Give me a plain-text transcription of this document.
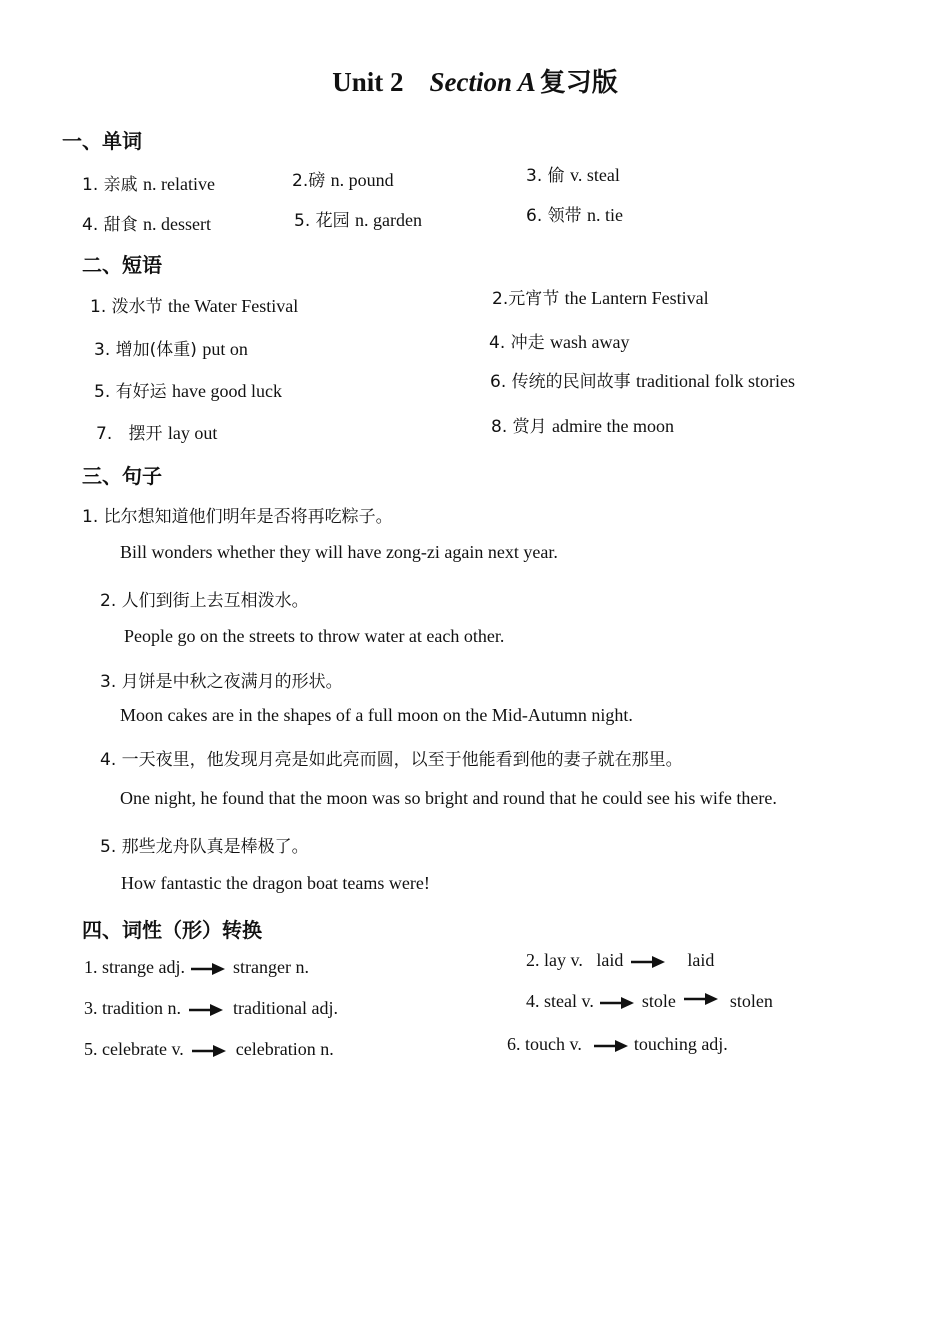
Unit 2 Section A 复习版
一、单词
1. 亲戚 n. relative	2.磅 n. pound	3. 偷 v. steal
4. 甜食 n. dessert	5. 花园 n. garden	6. 领带 n. tie
二、短语
1. 泼水节 the Water Festival	2.元宵节 the Lantern Festival
3. 增加(体重) put on	4. 冲走 wash away
5. 有好运 have good luck	6. 传统的民间故事 traditional folk stories
7. 摆开 lay out	8. 赏月 admire the moon
三、句子
1. 比尔想知道他们明年是否将再吃粽子。
Bill wonders whether they will have zong-zi again next year.
2. 人们到街上去互相泼水。
People go on the streets to throw water at each other.
3. 月饼是中秋之夜满月的形状。
Moon cakes are in the shapes of a full moon on the Mid-Autumn night.
4. 一天夜里，他发现月亮是如此亮而圆，以至于他能看到他的妻子就在那里。
One night, he found that the moon was so bright and round that he could see his wife there.
5. 那些龙舟队真是棒极了。
How fantastic the dragon boat teams were!
四、词性（形）转换
1. strange adj.	stranger n.	2. lay v. laid	laid
3. tradition n.	traditional adj.	4. steal v.	stole	stolen
5. celebrate v.	celebration n.	6. touch v.	touching adj.
